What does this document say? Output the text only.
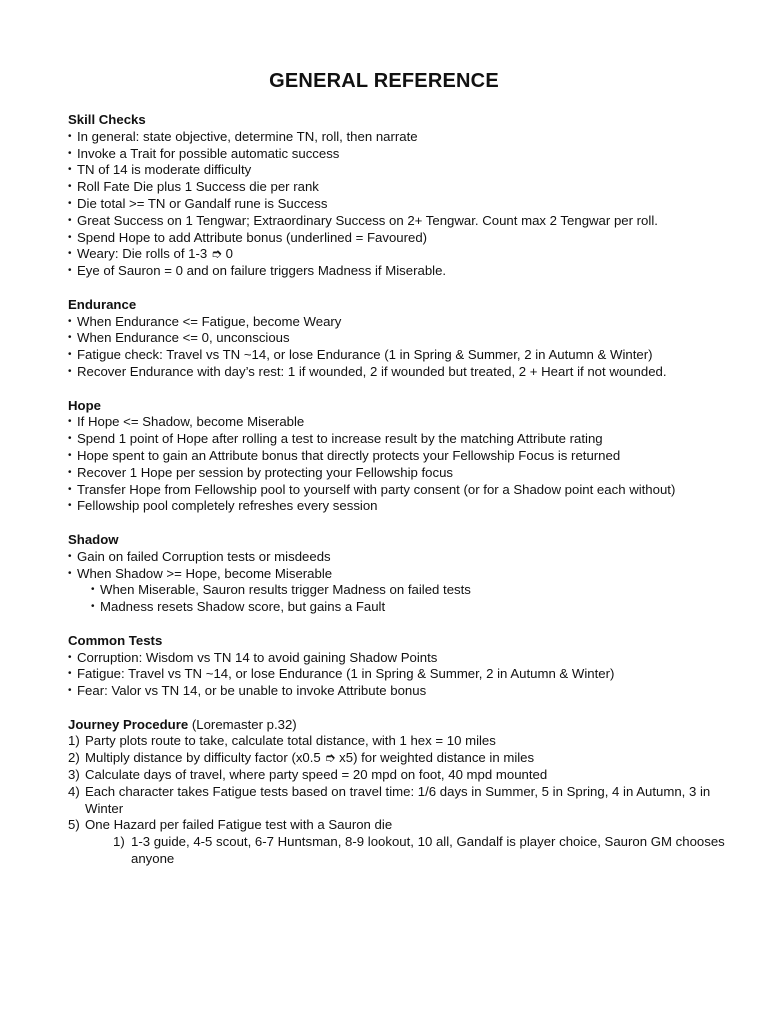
GENERAL REFERENCE
Skill Checks
• In general: state objective, determine TN, roll, then narrate
• Invoke a Trait for possible automatic success
• TN of 14 is moderate difficulty
• Roll Fate Die plus 1 Success die per rank
• Die total >= TN or Gandalf rune is Success
• Great Success on 1 Tengwar; Extraordinary Success on 2+ Tengwar. Count max 2 Tengwar per roll.
• Spend Hope to add Attribute bonus (underlined = Favoured)
• Weary: Die rolls of 1-3 ➮ 0
• Eye of Sauron = 0 and on failure triggers Madness if Miserable.
Endurance
• When Endurance <= Fatigue, become Weary
• When Endurance <= 0, unconscious
• Fatigue check: Travel vs TN ~14, or lose Endurance (1 in Spring & Summer, 2 in Autumn & Winter)
• Recover Endurance with day’s rest: 1 if wounded, 2 if wounded but treated, 2 + Heart if not wounded.
Hope
• If Hope <= Shadow, become Miserable
• Spend 1 point of Hope after rolling a test to increase result by the matching Attribute rating
• Hope spent to gain an Attribute bonus that directly protects your Fellowship Focus is returned
• Recover 1 Hope per session by protecting your Fellowship focus
• Transfer Hope from Fellowship pool to yourself with party consent (or for a Shadow point each without)
• Fellowship pool completely refreshes every session
Shadow
• Gain on failed Corruption tests or misdeeds
• When Shadow >= Hope, become Miserable
• When Miserable, Sauron results trigger Madness on failed tests
• Madness resets Shadow score, but gains a Fault
Common Tests
• Corruption: Wisdom vs TN 14 to avoid gaining Shadow Points
• Fatigue: Travel vs TN ~14, or lose Endurance (1 in Spring & Summer, 2 in Autumn & Winter)
• Fear: Valor vs TN 14, or be unable to invoke Attribute bonus
Journey Procedure (Loremaster p.32)
1) Party plots route to take, calculate total distance, with 1 hex = 10 miles
2) Multiply distance by difficulty factor (x0.5 ➮ x5) for weighted distance in miles
3) Calculate days of travel, where party speed = 20 mpd on foot, 40 mpd mounted
4) Each character takes Fatigue tests based on travel time: 1/6 days in Summer, 5 in Spring, 4 in Autumn, 3 in Winter
5) One Hazard per failed Fatigue test with a Sauron die
1) 1-3 guide, 4-5 scout, 6-7 Huntsman, 8-9 lookout, 10 all, Gandalf is player choice, Sauron GM chooses anyone
